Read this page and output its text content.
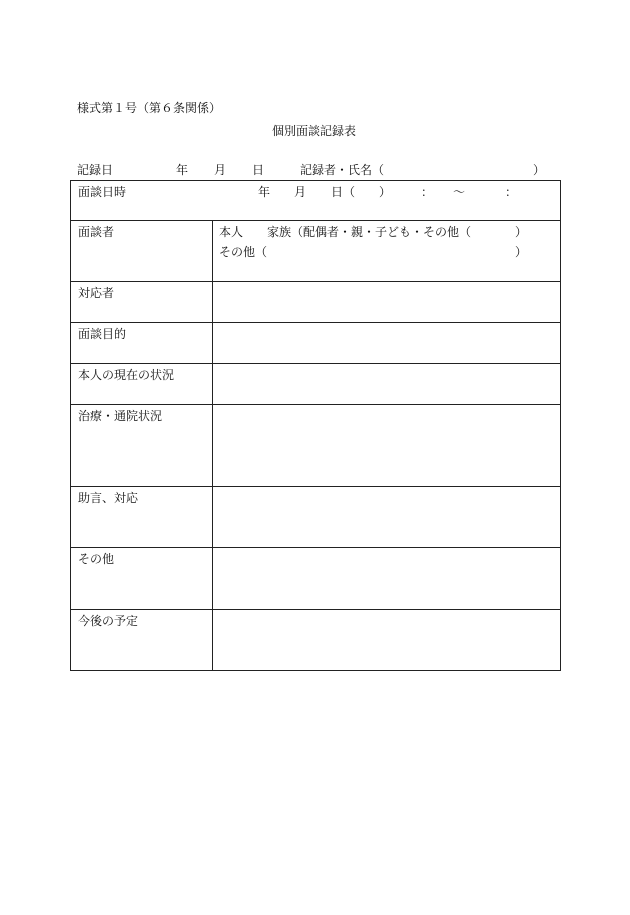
様式第１号（第６条関係）
個別面談記録表
記録日	年 月 日	記録者・氏名（	）
面談日時	年 月 日（　　） ： 〜	：
面談者	本人 家族（配偶者・親・子ども・その他（	）
その他（	）
対応者
面談目的
本人の現在の状況
治療・通院状況
助言、対応
その他
今後の予定
